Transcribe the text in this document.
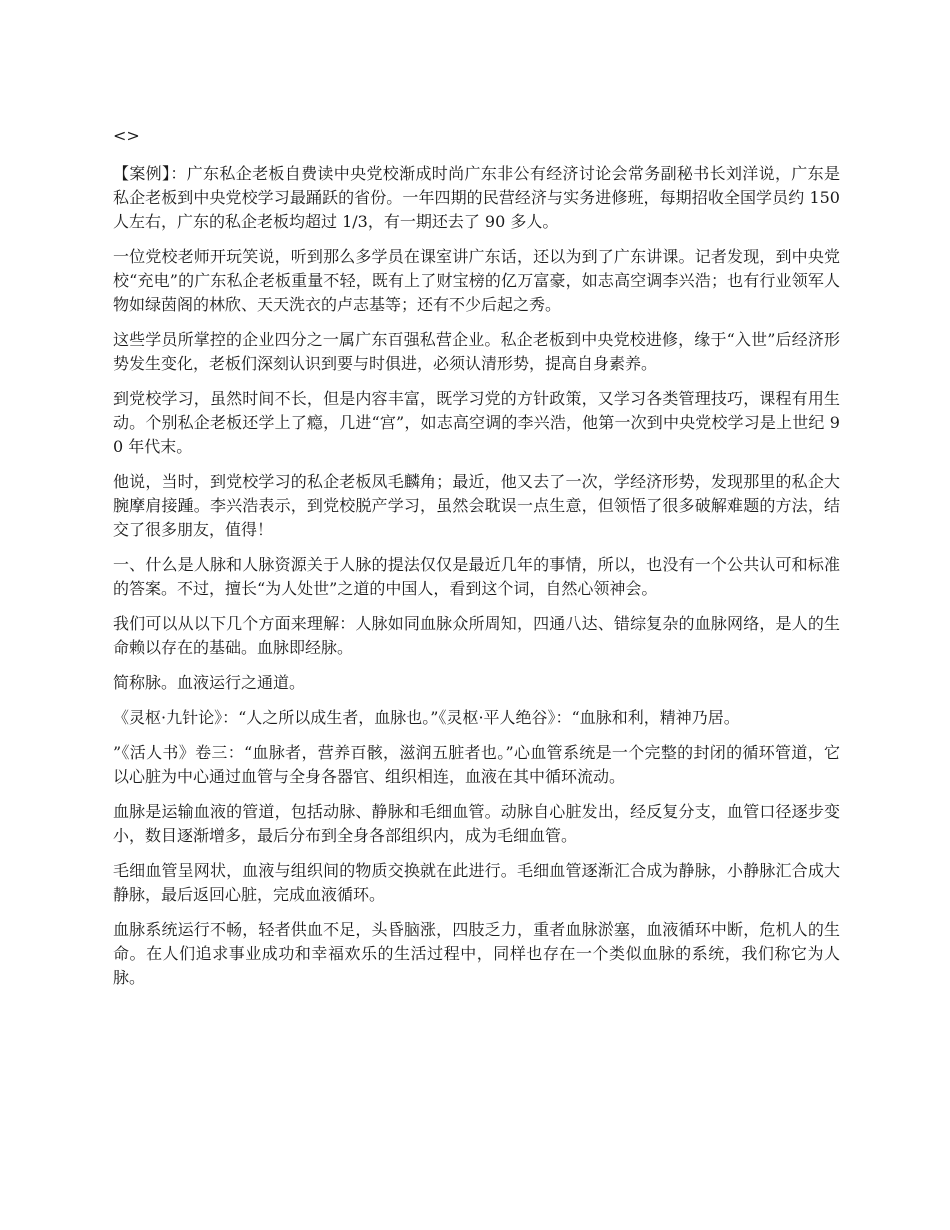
<>

【案例】：广东私企老板自费读中央党校渐成时尚广东非公有经济讨论会常务副秘书长刘洋说，广东是私企老板到中央党校学习最踊跃的省份。一年四期的民营经济与实务进修班，每期招收全国学员约 150 人左右，广东的私企老板均超过 1/3，有一期还去了 90 多人。

一位党校老师开玩笑说，听到那么多学员在课室讲广东话，还以为到了广东讲课。记者发现，到中央党校“充电”的广东私企老板重量不轻，既有上了财宝榜的亿万富豪，如志高空调李兴浩；也有行业领军人物如绿茵阁的林欣、天天洗衣的卢志基等；还有不少后起之秀。

这些学员所掌控的企业四分之一属广东百强私营企业。私企老板到中央党校进修，缘于“入世”后经济形势发生变化，老板们深刻认识到要与时俱进，必须认清形势，提高自身素养。

到党校学习，虽然时间不长，但是内容丰富，既学习党的方针政策，又学习各类管理技巧，课程有用生动。个别私企老板还学上了瘾，几进“宫”，如志高空调的李兴浩，他第一次到中央党校学习是上世纪 90 年代末。

他说，当时，到党校学习的私企老板凤毛麟角；最近，他又去了一次，学经济形势，发现那里的私企大腕摩肩接踵。李兴浩表示，到党校脱产学习，虽然会耽误一点生意，但领悟了很多破解难题的方法，结交了很多朋友，值得！

一、什么是人脉和人脉资源关于人脉的提法仅仅是最近几年的事情，所以，也没有一个公共认可和标准的答案。不过，擅长“为人处世”之道的中国人，看到这个词，自然心领神会。

我们可以从以下几个方面来理解：人脉如同血脉众所周知，四通八达、错综复杂的血脉网络，是人的生命赖以存在的基础。血脉即经脉。

简称脉。血液运行之通道。

《灵枢·九针论》：“人之所以成生者，血脉也。”《灵枢·平人绝谷》：“血脉和利，精神乃居。

”《活人书》卷三：“血脉者，营养百骸，滋润五脏者也。”心血管系统是一个完整的封闭的循环管道，它以心脏为中心通过血管与全身各器官、组织相连，血液在其中循环流动。

血脉是运输血液的管道，包括动脉、静脉和毛细血管。动脉自心脏发出，经反复分支，血管口径逐步变小，数目逐渐增多，最后分布到全身各部组织内，成为毛细血管。

毛细血管呈网状，血液与组织间的物质交换就在此进行。毛细血管逐渐汇合成为静脉，小静脉汇合成大静脉，最后返回心脏，完成血液循环。

血脉系统运行不畅，轻者供血不足，头昏脑涨，四肢乏力，重者血脉淤塞，血液循环中断，危机人的生命。在人们追求事业成功和幸福欢乐的生活过程中，同样也存在一个类似血脉的系统，我们称它为人脉。
